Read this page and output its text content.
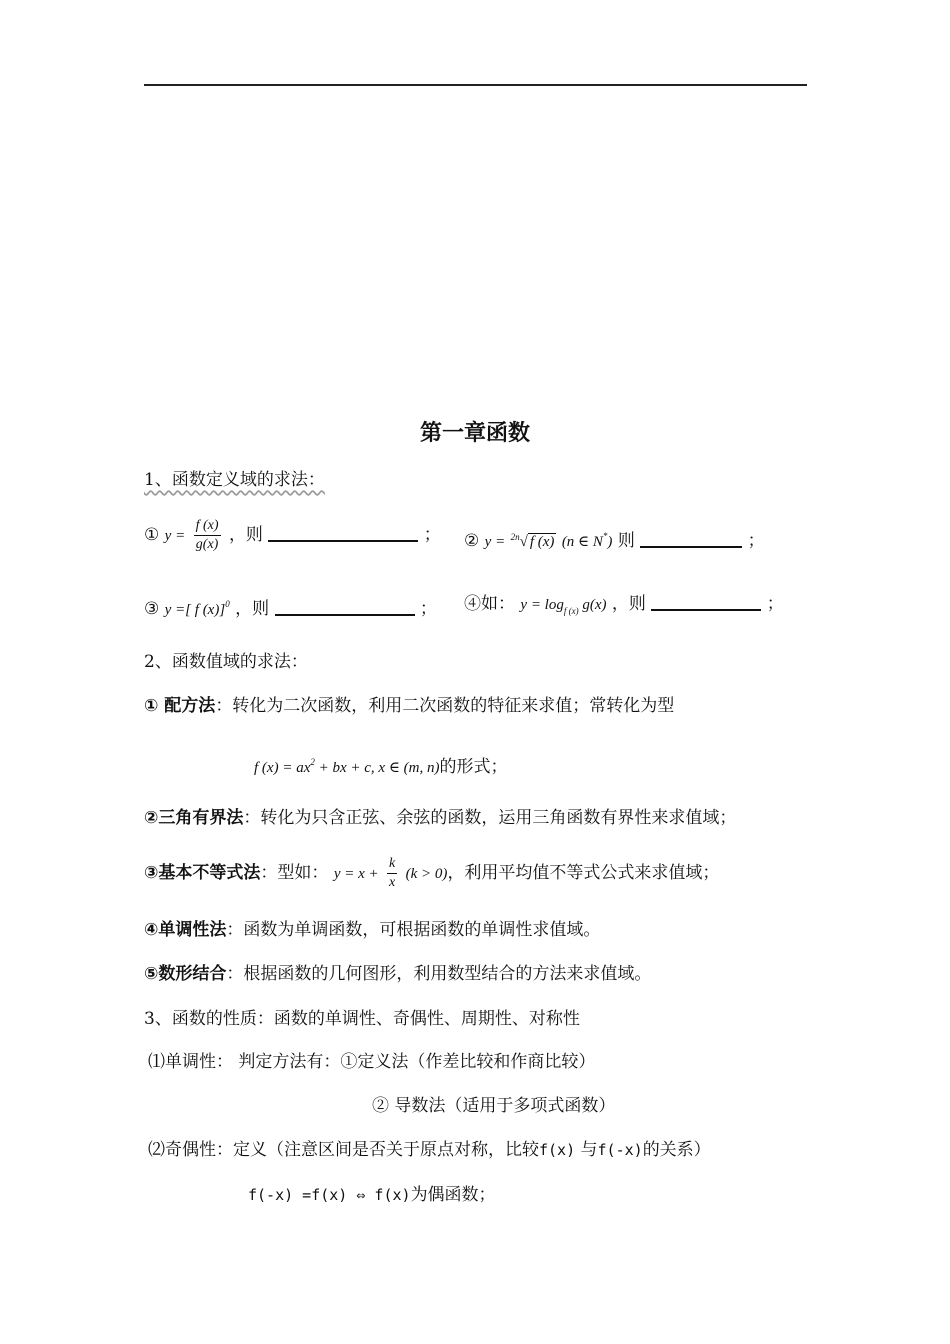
第一章函数
1、函数定义域的求法：
① $y = \frac{f (x)}{g(x)}$ ，则	； ② y = $^{2n}$√ f (x) (n ∈ N*) 则	；
③ y =[ f (x)]$^0$ ，则	； ④如： $y = \log_{f (x)} g(x)$ ，则	；
2、函数值域的求法：
① 配方法：转化为二次函数，利用二次函数的特征来求值；常转化为型
f $(x) = ax^2$ + bx + c, x ∈ (m, n)的形式；
②三角有界法：转化为只含正弦、余弦的函数，运用三角函数有界性来求值域；
③基本不等式法：型如： $y = x + \frac{k}{x} (k > 0)$，利用平均值不等式公式来求值域；
④单调性法：函数为单调函数，可根据函数的单调性求值域。
⑤数形结合：根据函数的几何图形，利用数型结合的方法来求值域。
3、函数的性质：函数的单调性、奇偶性、周期性、对称性
⑴单调性： 判定方法有：①定义法（作差比较和作商比较）
② 导数法（适用于多项式函数）
⑵奇偶性：定义（注意区间是否关于原点对称，比较f(x) 与f(-x)的关系）
f(-x) =f(x) ⇔ f(x)为偶函数；
